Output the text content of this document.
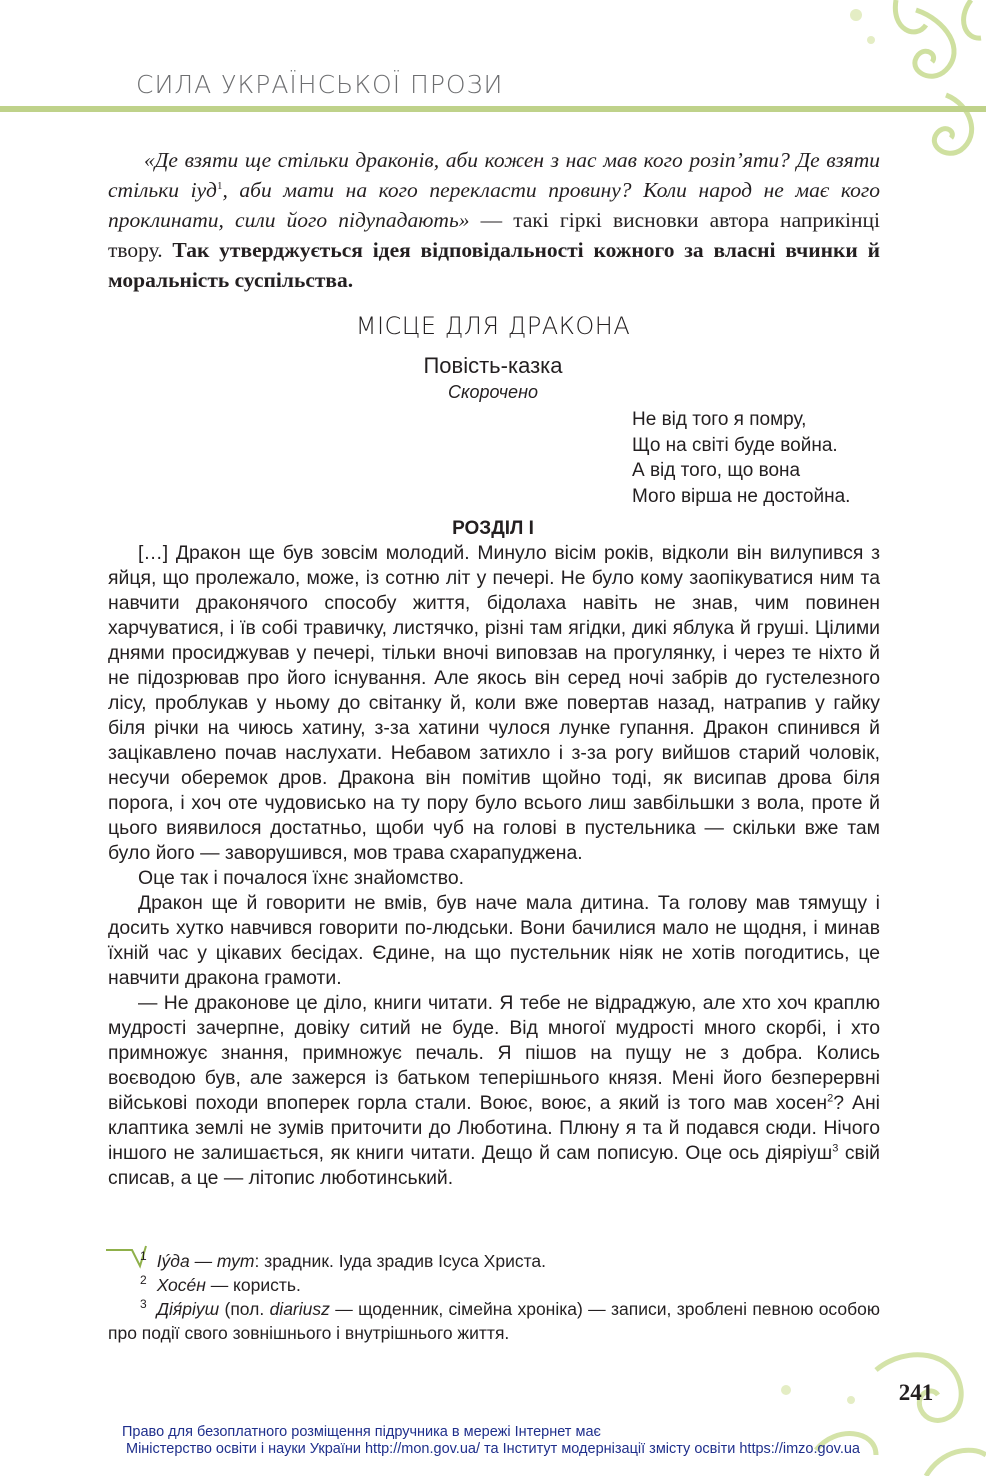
СИЛА УКРАЇНСЬКОЇ ПРОЗИ

«Де взяти ще стільки драконів, аби кожен з нас мав кого розіп’яти? Де взяти стільки іуд$^1$, аби мати на кого перекласти провину? Коли народ не має кого проклинати, сили його підупадають» — такі гіркі висновки автора наприкінці твору. Так утверджується ідея відповідальності кожного за власні вчинки й моральність суспільства.

МІСЦЕ ДЛЯ ДРАКОНА
Повість-казка
Скорочено
Не від того я помру,
Що на світі буде война.
А від того, що вона
Мого вірша не достойна.
РОЗДІЛ І

[…] Дракон ще був зовсім молодий. Минуло вісім років, відколи він вилупився з яйця, що пролежало, може, із сотню літ у печері. Не було кому заопікуватися ним та навчити драконячого способу життя, бідолаха навіть не знав, чим повинен харчуватися, і їв собі травичку, листячко, різні там ягідки, дикі яблука й груші. Цілими днями просиджував у печері, тільки вночі виповзав на прогулянку, і через те ніхто й не підозрював про його існування. Але якось він серед ночі забрів до густелезного лісу, проблукав у ньому до світанку й, коли вже повертав назад, натрапив у гайку біля річки на чиюсь хатину, з-за хатини чулося лунке гупання. Дракон спинився й зацікавлено почав наслухати. Небавом затихло і з-за рогу вийшов старий чоловік, несучи оберемок дров. Дракона він помітив щойно тоді, як висипав дрова біля порога, і хоч оте чудовисько на ту пору було всього лиш завбільшки з вола, проте й цього виявилося достатньо, щоби чуб на голові в пустельника — скільки вже там було його — заворушився, мов трава схарапуджена.

Оце так і почалося їхнє знайомство.

Дракон ще й говорити не вмів, був наче мала дитина. Та голову мав тямущу і досить хутко навчився говорити по-людськи. Вони бачилися мало не щодня, і минав їхній час у цікавих бесідах. Єдине, на що пустельник ніяк не хотів погодитись, це навчити дракона грамоти.

— Не драконове це діло, книги читати. Я тебе не відраджую, але хто хоч краплю мудрості зачерпне, довіку ситий не буде. Від многої мудрості много скорбі, і хто примножує знання, примножує печаль. Я пішов на пущу не з добра. Колись воєводою був, але зажерся із батьком теперішнього князя. Мені його безперервні військові походи впоперек горла стали. Воює, воює, а який із того мав хосен$^2$? Ані клаптика землі не зумів приточити до Люботина. Плюну я та й подався сюди. Нічого іншого не залишається, як книги читати. Дещо й сам пописую. Оце ось діяріуш$^3$ свій списав, а це — літопис люботинський.

$^1$ Іýда — тут: зрадник. Іуда зрадив Ісуса Христа.

$^2$ Хосéн — користь.

$^3$ Дія́ріуш (пол. diariusz — щоденник, сімейна хроніка) — записи, зроблені певною особою про події свого зовнішнього і внутрішнього життя.

241
Право для безоплатного розміщення підручника в мережі Інтернет має
Міністерство освіти і науки України http://mon.gov.ua/ та Інститут модернізації змісту освіти https://imzo.gov.ua
